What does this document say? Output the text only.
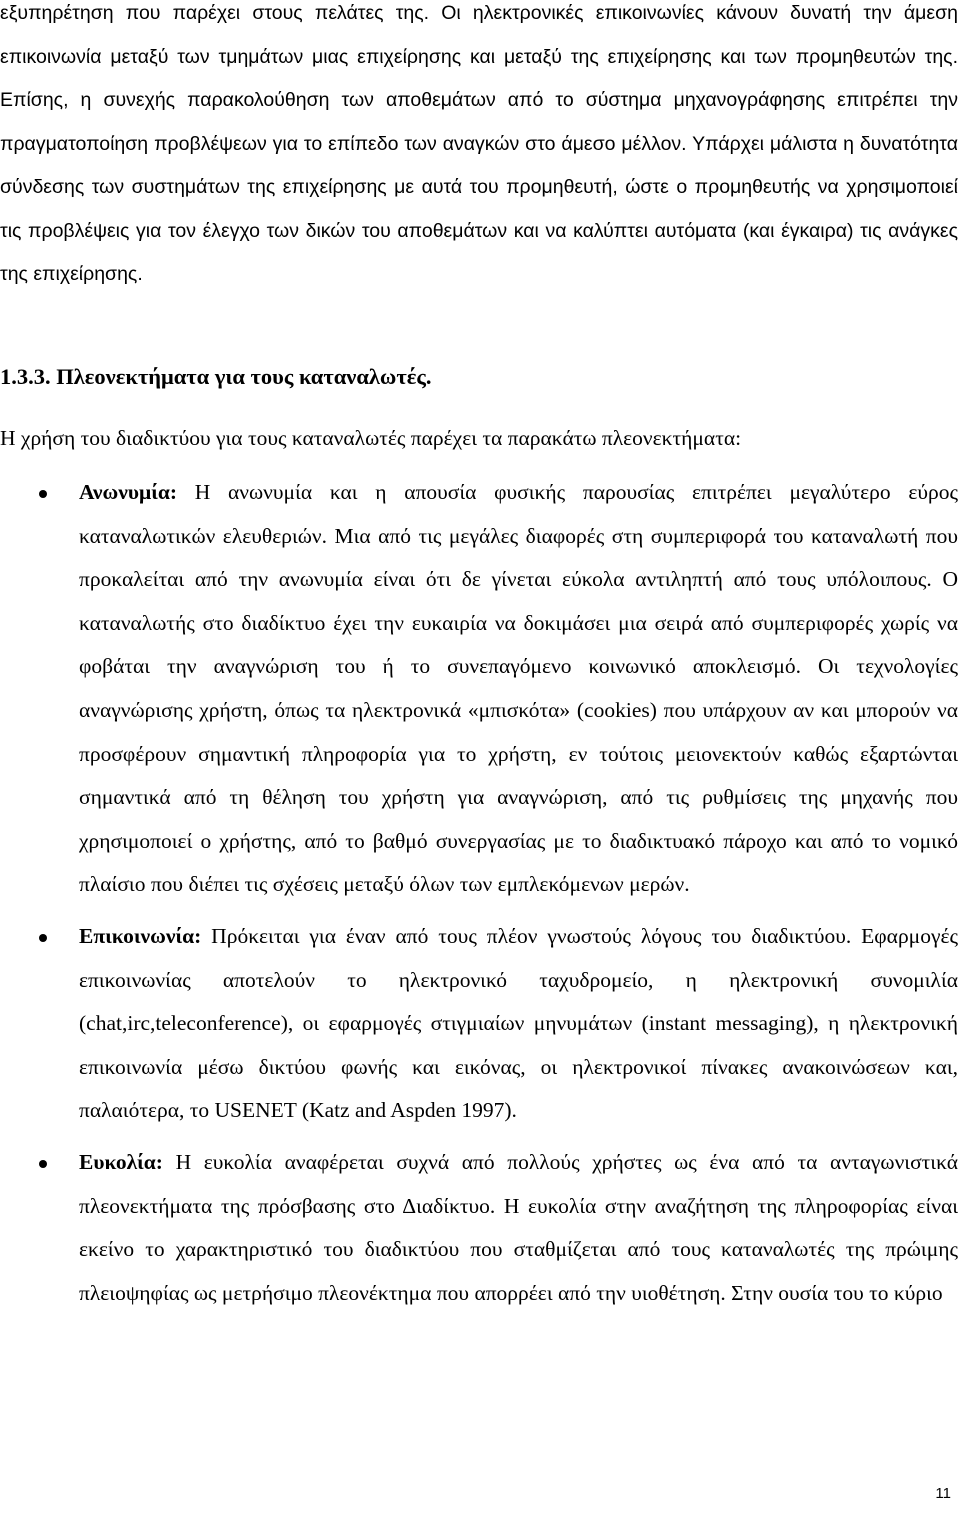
εξυπηρέτηση που παρέχει στους πελάτες της. Οι ηλεκτρονικές επικοινωνίες κάνουν δυνατή την άμεση επικοινωνία μεταξύ των τμημάτων μιας επιχείρησης και μεταξύ της επιχείρησης και των προμηθευτών της. Επίσης, η συνεχής παρακολούθηση των αποθεμάτων από το σύστημα μηχανογράφησης επιτρέπει την πραγματοποίηση προβλέψεων για το επίπεδο των αναγκών στο άμεσο μέλλον. Υπάρχει μάλιστα η δυνατότητα σύνδεσης των συστημάτων της επιχείρησης με αυτά του προμηθευτή, ώστε ο προμηθευτής να χρησιμοποιεί τις προβλέψεις για τον έλεγχο των δικών του αποθεμάτων και να καλύπτει αυτόματα (και έγκαιρα) τις ανάγκες της επιχείρησης.

1.3.3. Πλεονεκτήματα για τους καταναλωτές.

Η χρήση του διαδικτύου για τους καταναλωτές παρέχει τα παρακάτω πλεονεκτήματα:

Ανωνυμία: Η ανωνυμία και η απουσία φυσικής παρουσίας επιτρέπει μεγαλύτερο εύρος καταναλωτικών ελευθεριών. Μια από τις μεγάλες διαφορές στη συμπεριφορά του καταναλωτή που προκαλείται από την ανωνυμία είναι ότι δε γίνεται εύκολα αντιληπτή από τους υπόλοιπους. Ο καταναλωτής στο διαδίκτυο έχει την ευκαιρία να δοκιμάσει μια σειρά από συμπεριφορές χωρίς να φοβάται την αναγνώριση του ή το συνεπαγόμενο κοινωνικό αποκλεισμό. Οι τεχνολογίες αναγνώρισης χρήστη, όπως τα ηλεκτρονικά «μπισκότα» (cookies) που υπάρχουν αν και μπορούν να προσφέρουν σημαντική πληροφορία για το χρήστη, εν τούτοις μειονεκτούν καθώς εξαρτώνται σημαντικά από τη θέληση του χρήστη για αναγνώριση, από τις ρυθμίσεις της μηχανής που χρησιμοποιεί ο χρήστης, από το βαθμό συνεργασίας με το διαδικτυακό πάροχο και από το νομικό πλαίσιο που διέπει τις σχέσεις μεταξύ όλων των εμπλεκόμενων μερών.
Επικοινωνία: Πρόκειται για έναν από τους πλέον γνωστούς λόγους του διαδικτύου. Εφαρμογές επικοινωνίας αποτελούν το ηλεκτρονικό ταχυδρομείο, η ηλεκτρονική συνομιλία (chat,irc,teleconference), οι εφαρμογές στιγμιαίων μηνυμάτων (instant messaging), η ηλεκτρονική επικοινωνία μέσω δικτύου φωνής και εικόνας, οι ηλεκτρονικοί πίνακες ανακοινώσεων και, παλαιότερα, το USENET (Katz and Aspden 1997).
Ευκολία: Η ευκολία αναφέρεται συχνά από πολλούς χρήστες ως ένα από τα ανταγωνιστικά πλεονεκτήματα της πρόσβασης στο Διαδίκτυο. Η ευκολία στην αναζήτηση της πληροφορίας είναι εκείνο το χαρακτηριστικό του διαδικτύου που σταθμίζεται από τους καταναλωτές της πρώιμης πλειοψηφίας ως μετρήσιμο πλεονέκτημα που απορρέει από την υιοθέτηση. Στην ουσία του το κύριο
11
